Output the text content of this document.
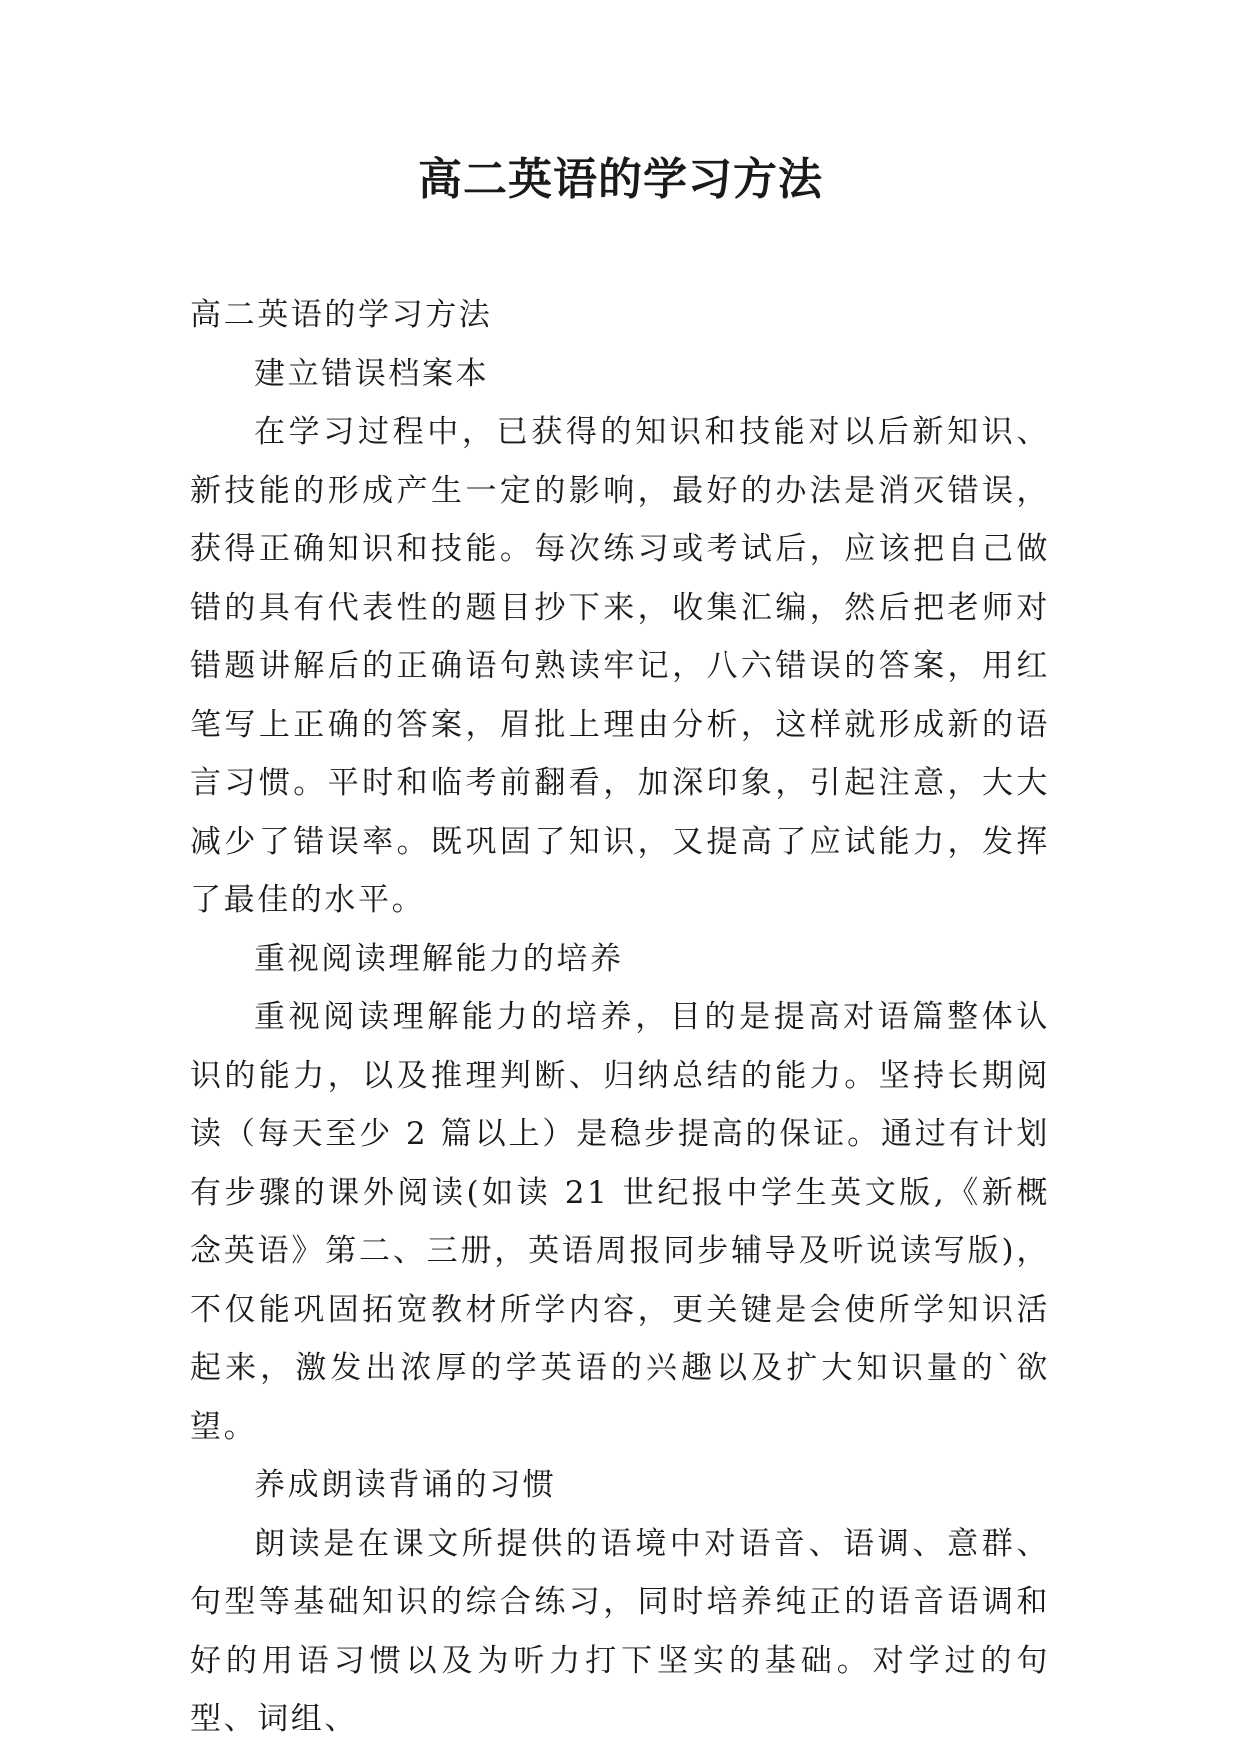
高二英语的学习方法

高二英语的学习方法

建立错误档案本

在学习过程中，已获得的知识和技能对以后新知识、新技能的形成产生一定的影响，最好的办法是消灭错误，获得正确知识和技能。每次练习或考试后，应该把自己做错的具有代表性的题目抄下来，收集汇编，然后把老师对错题讲解后的正确语句熟读牢记，八六错误的答案，用红笔写上正确的答案，眉批上理由分析，这样就形成新的语言习惯。平时和临考前翻看，加深印象，引起注意，大大减少了错误率。既巩固了知识，又提高了应试能力，发挥了最佳的水平。

重视阅读理解能力的培养

重视阅读理解能力的培养，目的是提高对语篇整体认识的能力，以及推理判断、归纳总结的能力。坚持长期阅读（每天至少 2 篇以上）是稳步提高的保证。通过有计划有步骤的课外阅读(如读 21 世纪报中学生英文版,《新概念英语》第二、三册，英语周报同步辅导及听说读写版)，不仅能巩固拓宽教材所学内容，更关键是会使所学知识活起来，激发出浓厚的学英语的兴趣以及扩大知识量的`欲望。

养成朗读背诵的习惯

朗读是在课文所提供的语境中对语音、语调、意群、句型等基础知识的综合练习，同时培养纯正的语音语调和好的用语习惯以及为听力打下坚实的基础。对学过的句型、词组、
